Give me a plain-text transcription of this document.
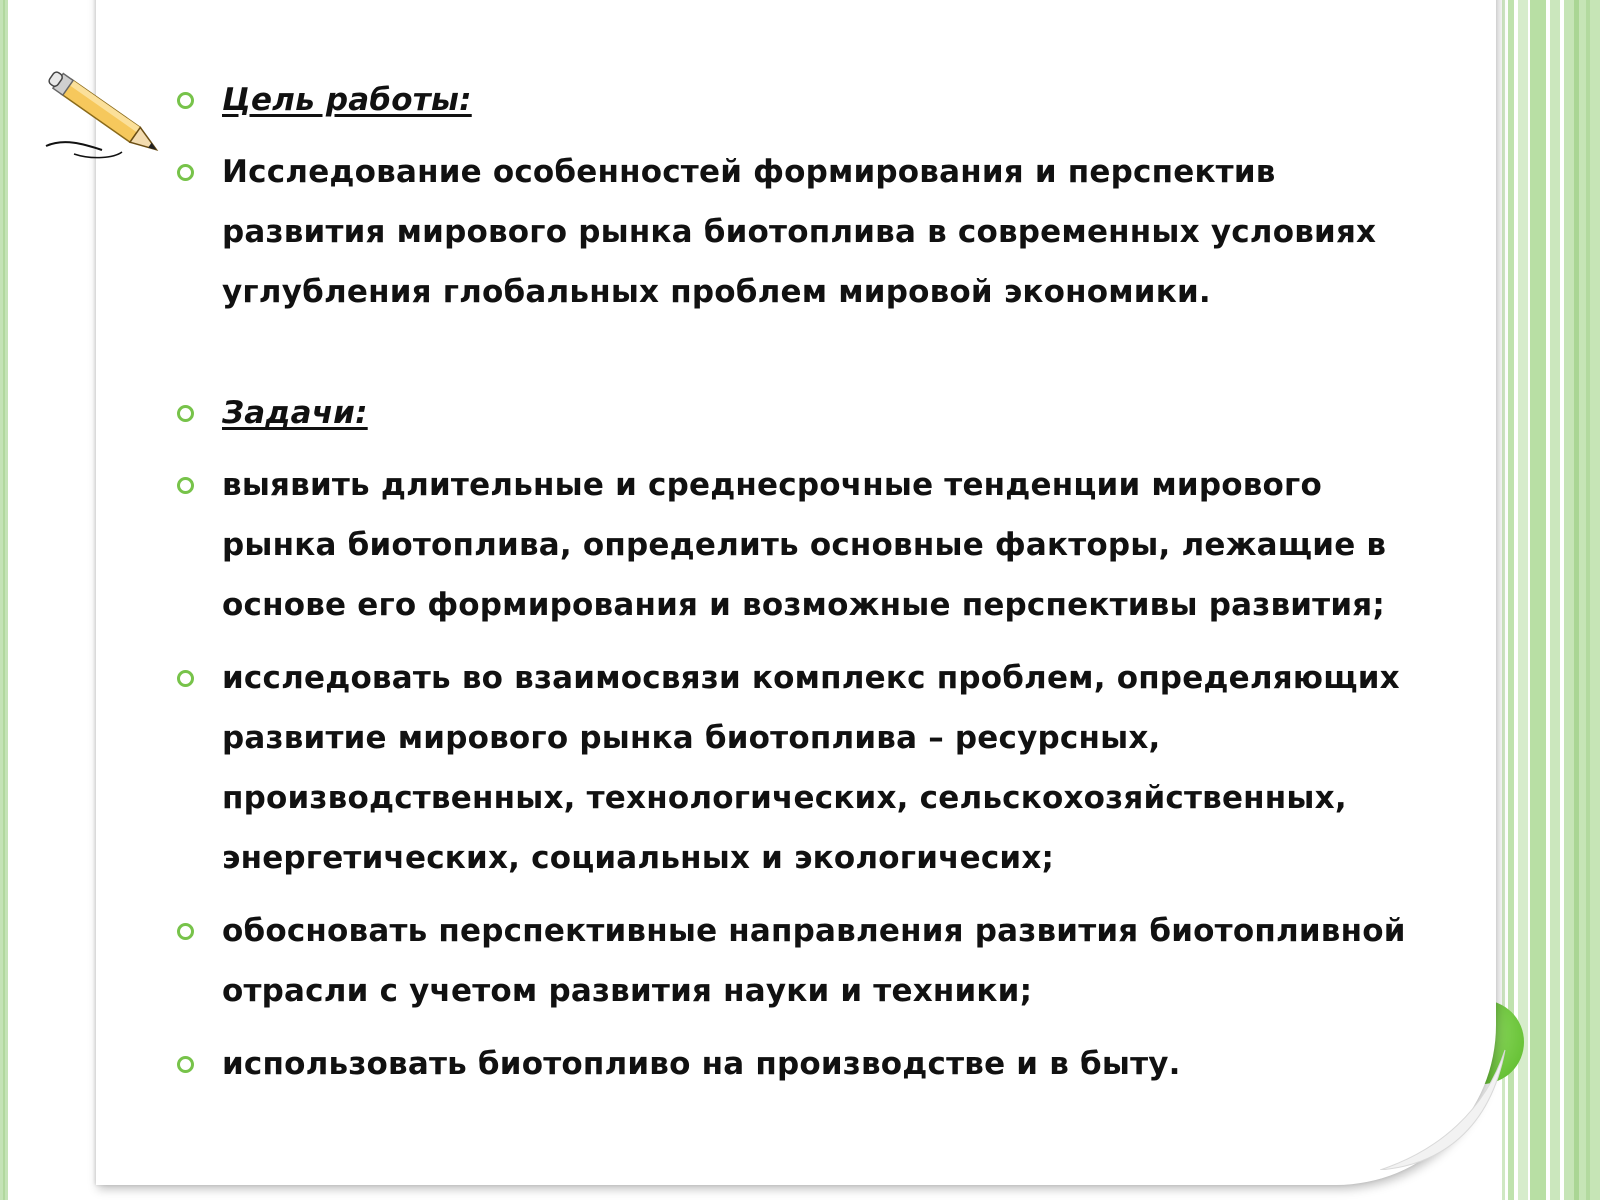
Цель работы:
Исследование особенностей формирования и перспектив развития мирового рынка биотоплива в современных условиях углубления глобальных проблем мировой экономики.
Задачи:
выявить длительные и среднесрочные тенденции мирового рынка биотоплива, определить основные факторы, лежащие в основе его формирования и возможные перспективы развития;
исследовать во взаимосвязи комплекс проблем, определяющих развитие мирового рынка биотоплива – ресурсных, производственных, технологических, сельскохозяйственных, энергетических, социальных и экологичесих;
обосновать перспективные направления развития биотопливной отрасли с учетом развития науки и техники;
использовать биотопливо на производстве и в быту.
